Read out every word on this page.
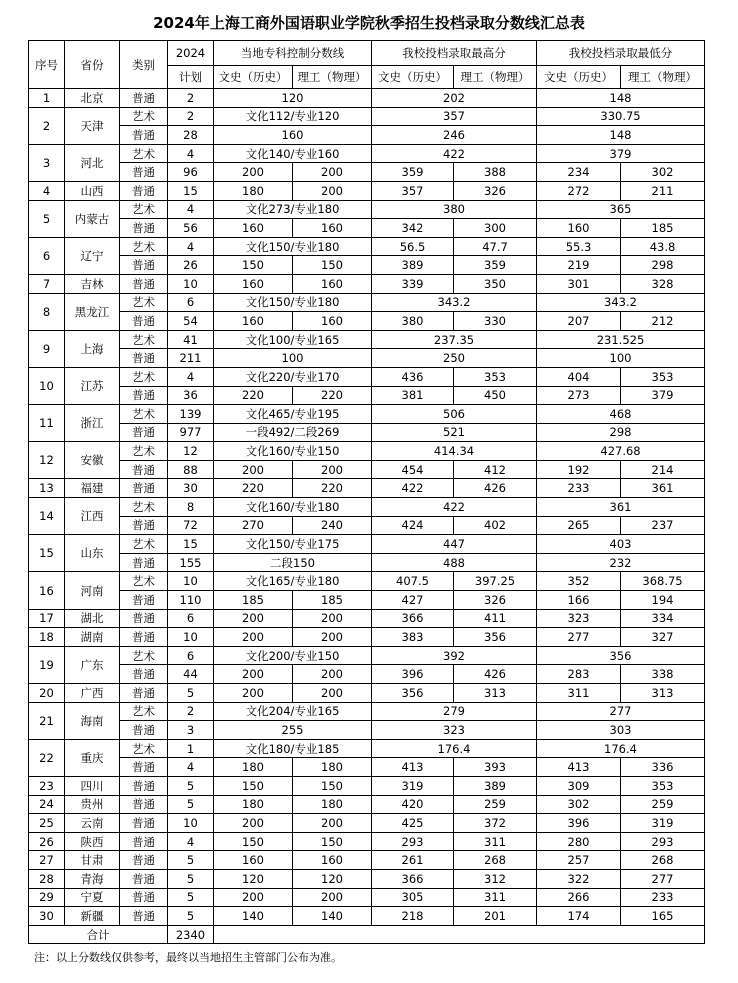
2024年上海工商外国语职业学院秋季招生投档录取分数线汇总表
序号	省份	类别	2024	当地专科控制分数线		我校投档录取最高分		我校投档录取最低分	
			计划	文史（历史）	理工（物理）	文史（历史）	理工（物理）	文史（历史）	理工（物理）
1	北京	普通	2	120		202		148	
2	天津	艺术	2	文化112/专业120		357		330.75	
		普通	28	160		246		148	
3	河北	艺术	4	文化140/专业160		422		379	
		普通	96	200	200	359	388	234	302
4	山西	普通	15	180	200	357	326	272	211
5	内蒙古	艺术	4	文化273/专业180		380		365	
		普通	56	160	160	342	300	160	185
6	辽宁	艺术	4	文化150/专业180		56.5	47.7	55.3	43.8
		普通	26	150	150	389	359	219	298
7	吉林	普通	10	160	160	339	350	301	328
8	黑龙江	艺术	6	文化150/专业180		343.2		343.2	
		普通	54	160	160	380	330	207	212
9	上海	艺术	41	文化100/专业165		237.35		231.525	
		普通	211	100		250		100	
10	江苏	艺术	4	文化220/专业170		436	353	404	353
		普通	36	220	220	381	450	273	379
11	浙江	艺术	139	文化465/专业195		506		468	
		普通	977	一段492/二段269		521		298	
12	安徽	艺术	12	文化160/专业150		414.34		427.68	
		普通	88	200	200	454	412	192	214
13	福建	普通	30	220	220	422	426	233	361
14	江西	艺术	8	文化160/专业180		422		361	
		普通	72	270	240	424	402	265	237
15	山东	艺术	15	文化150/专业175		447		403	
		普通	155	二段150		488		232	
16	河南	艺术	10	文化165/专业180		407.5	397.25	352	368.75
		普通	110	185	185	427	326	166	194
17	湖北	普通	6	200	200	366	411	323	334
18	湖南	普通	10	200	200	383	356	277	327
19	广东	艺术	6	文化200/专业150		392		356	
		普通	44	200	200	396	426	283	338
20	广西	普通	5	200	200	356	313	311	313
21	海南	艺术	2	文化204/专业165		279		277	
		普通	3	255		323		303	
22	重庆	艺术	1	文化180/专业185		176.4		176.4	
		普通	4	180	180	413	393	413	336
23	四川	普通	5	150	150	319	389	309	353
24	贵州	普通	5	180	180	420	259	302	259
25	云南	普通	10	200	200	425	372	396	319
26	陕西	普通	4	150	150	293	311	280	293
27	甘肃	普通	5	160	160	261	268	257	268
28	青海	普通	5	120	120	366	312	322	277
29	宁夏	普通	5	200	200	305	311	266	233
30	新疆	普通	5	140	140	218	201	174	165
合计			2340						
注：以上分数线仅供参考，最终以当地招生主管部门公布为准。
